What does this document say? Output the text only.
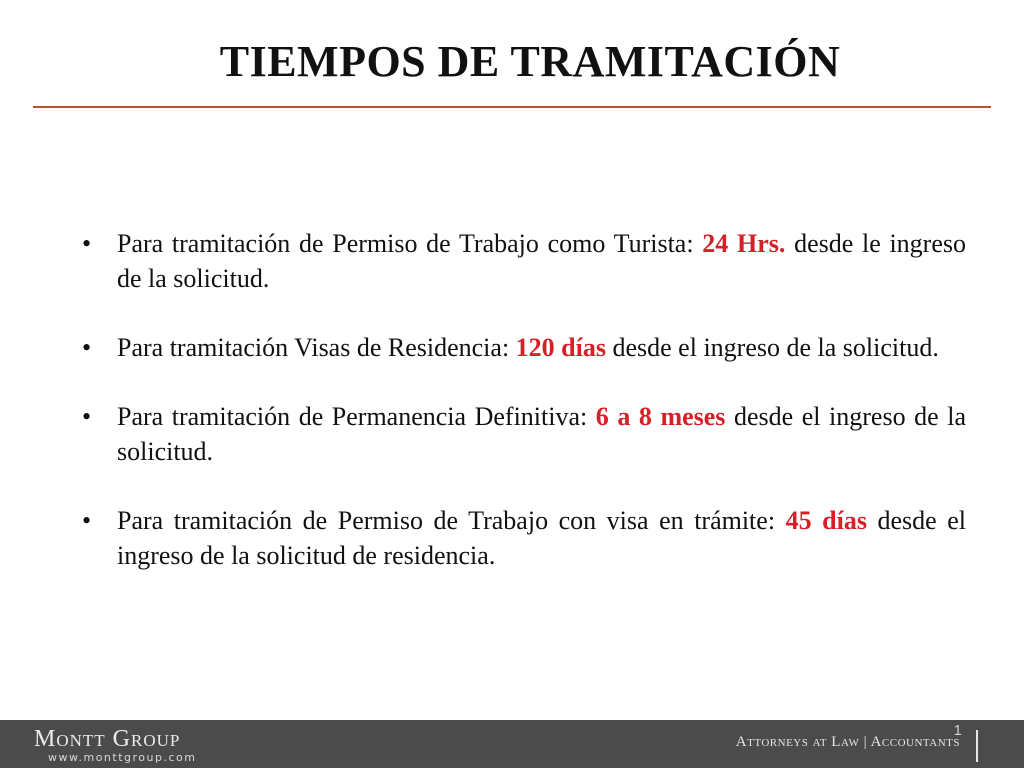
TIEMPOS DE TRAMITACIÓN
• Para tramitación de Permiso de Trabajo como Turista: 24 Hrs. desde le ingreso de la solicitud.
• Para tramitación Visas de Residencia: 120 días desde el ingreso de la solicitud.
• Para tramitación de Permanencia Definitiva: 6 a 8 meses desde el ingreso de la solicitud.
• Para tramitación de Permiso de Trabajo con visa en trámite: 45 días desde el ingreso de la solicitud de residencia.
Montt Group
www.monttgroup.com
1
Attorneys at Law | Accountants
